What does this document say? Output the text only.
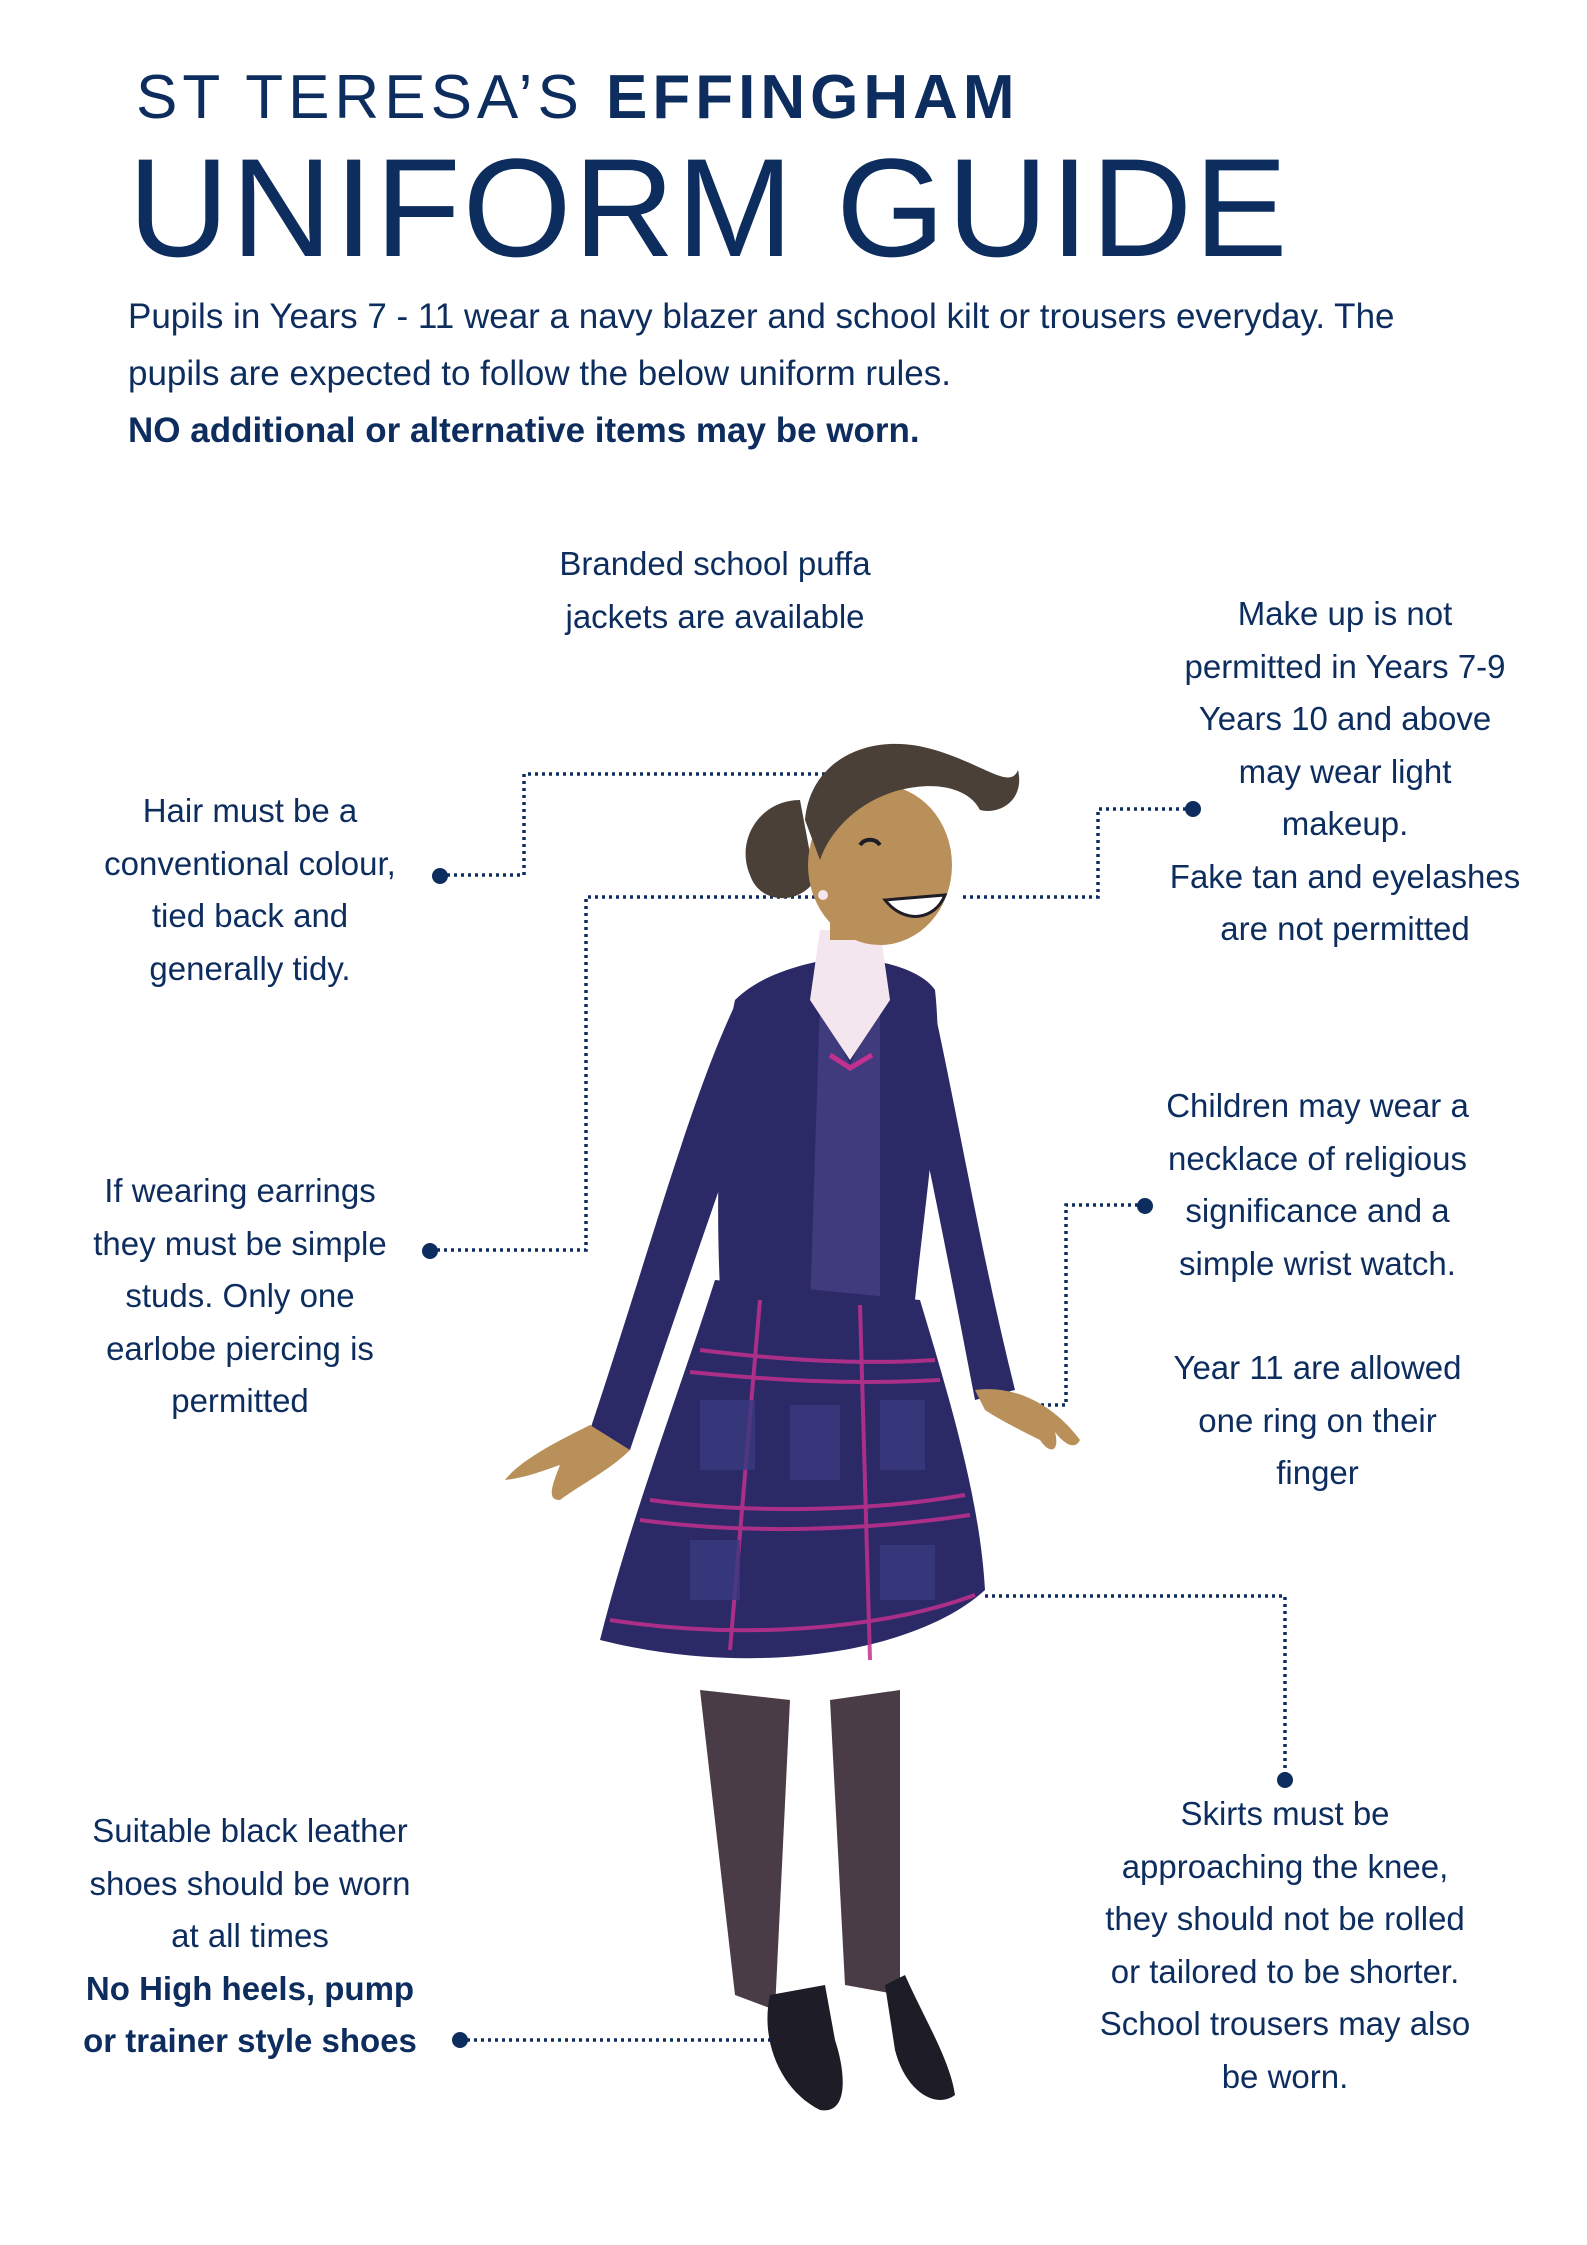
ST TERESA’S EFFINGHAM
UNIFORM GUIDE
Pupils in Years 7 - 11 wear a navy blazer and school kilt or trousers everyday. The pupils are expected to follow the below uniform rules.
NO additional or alternative items may be worn.
Branded school puffa
jackets are available	Make up is not
permitted in Years 7-9
Years 10 and above
may wear light
makeup.
Fake tan and eyelashes
are not permitted
Hair must be a
conventional colour,
tied back and
generally tidy.
If wearing earrings
they must be simple
studs. Only one
earlobe piercing is
permitted
Children may wear a
necklace of religious
significance and a
simple wrist watch.
Year 11 are allowed
one ring on their
finger
Suitable black leather
shoes should be worn
at all times
No High heels, pump
or trainer style shoes
Skirts must be
approaching the knee,
they should not be rolled
or tailored to be shorter.
School trousers may also
be worn.
